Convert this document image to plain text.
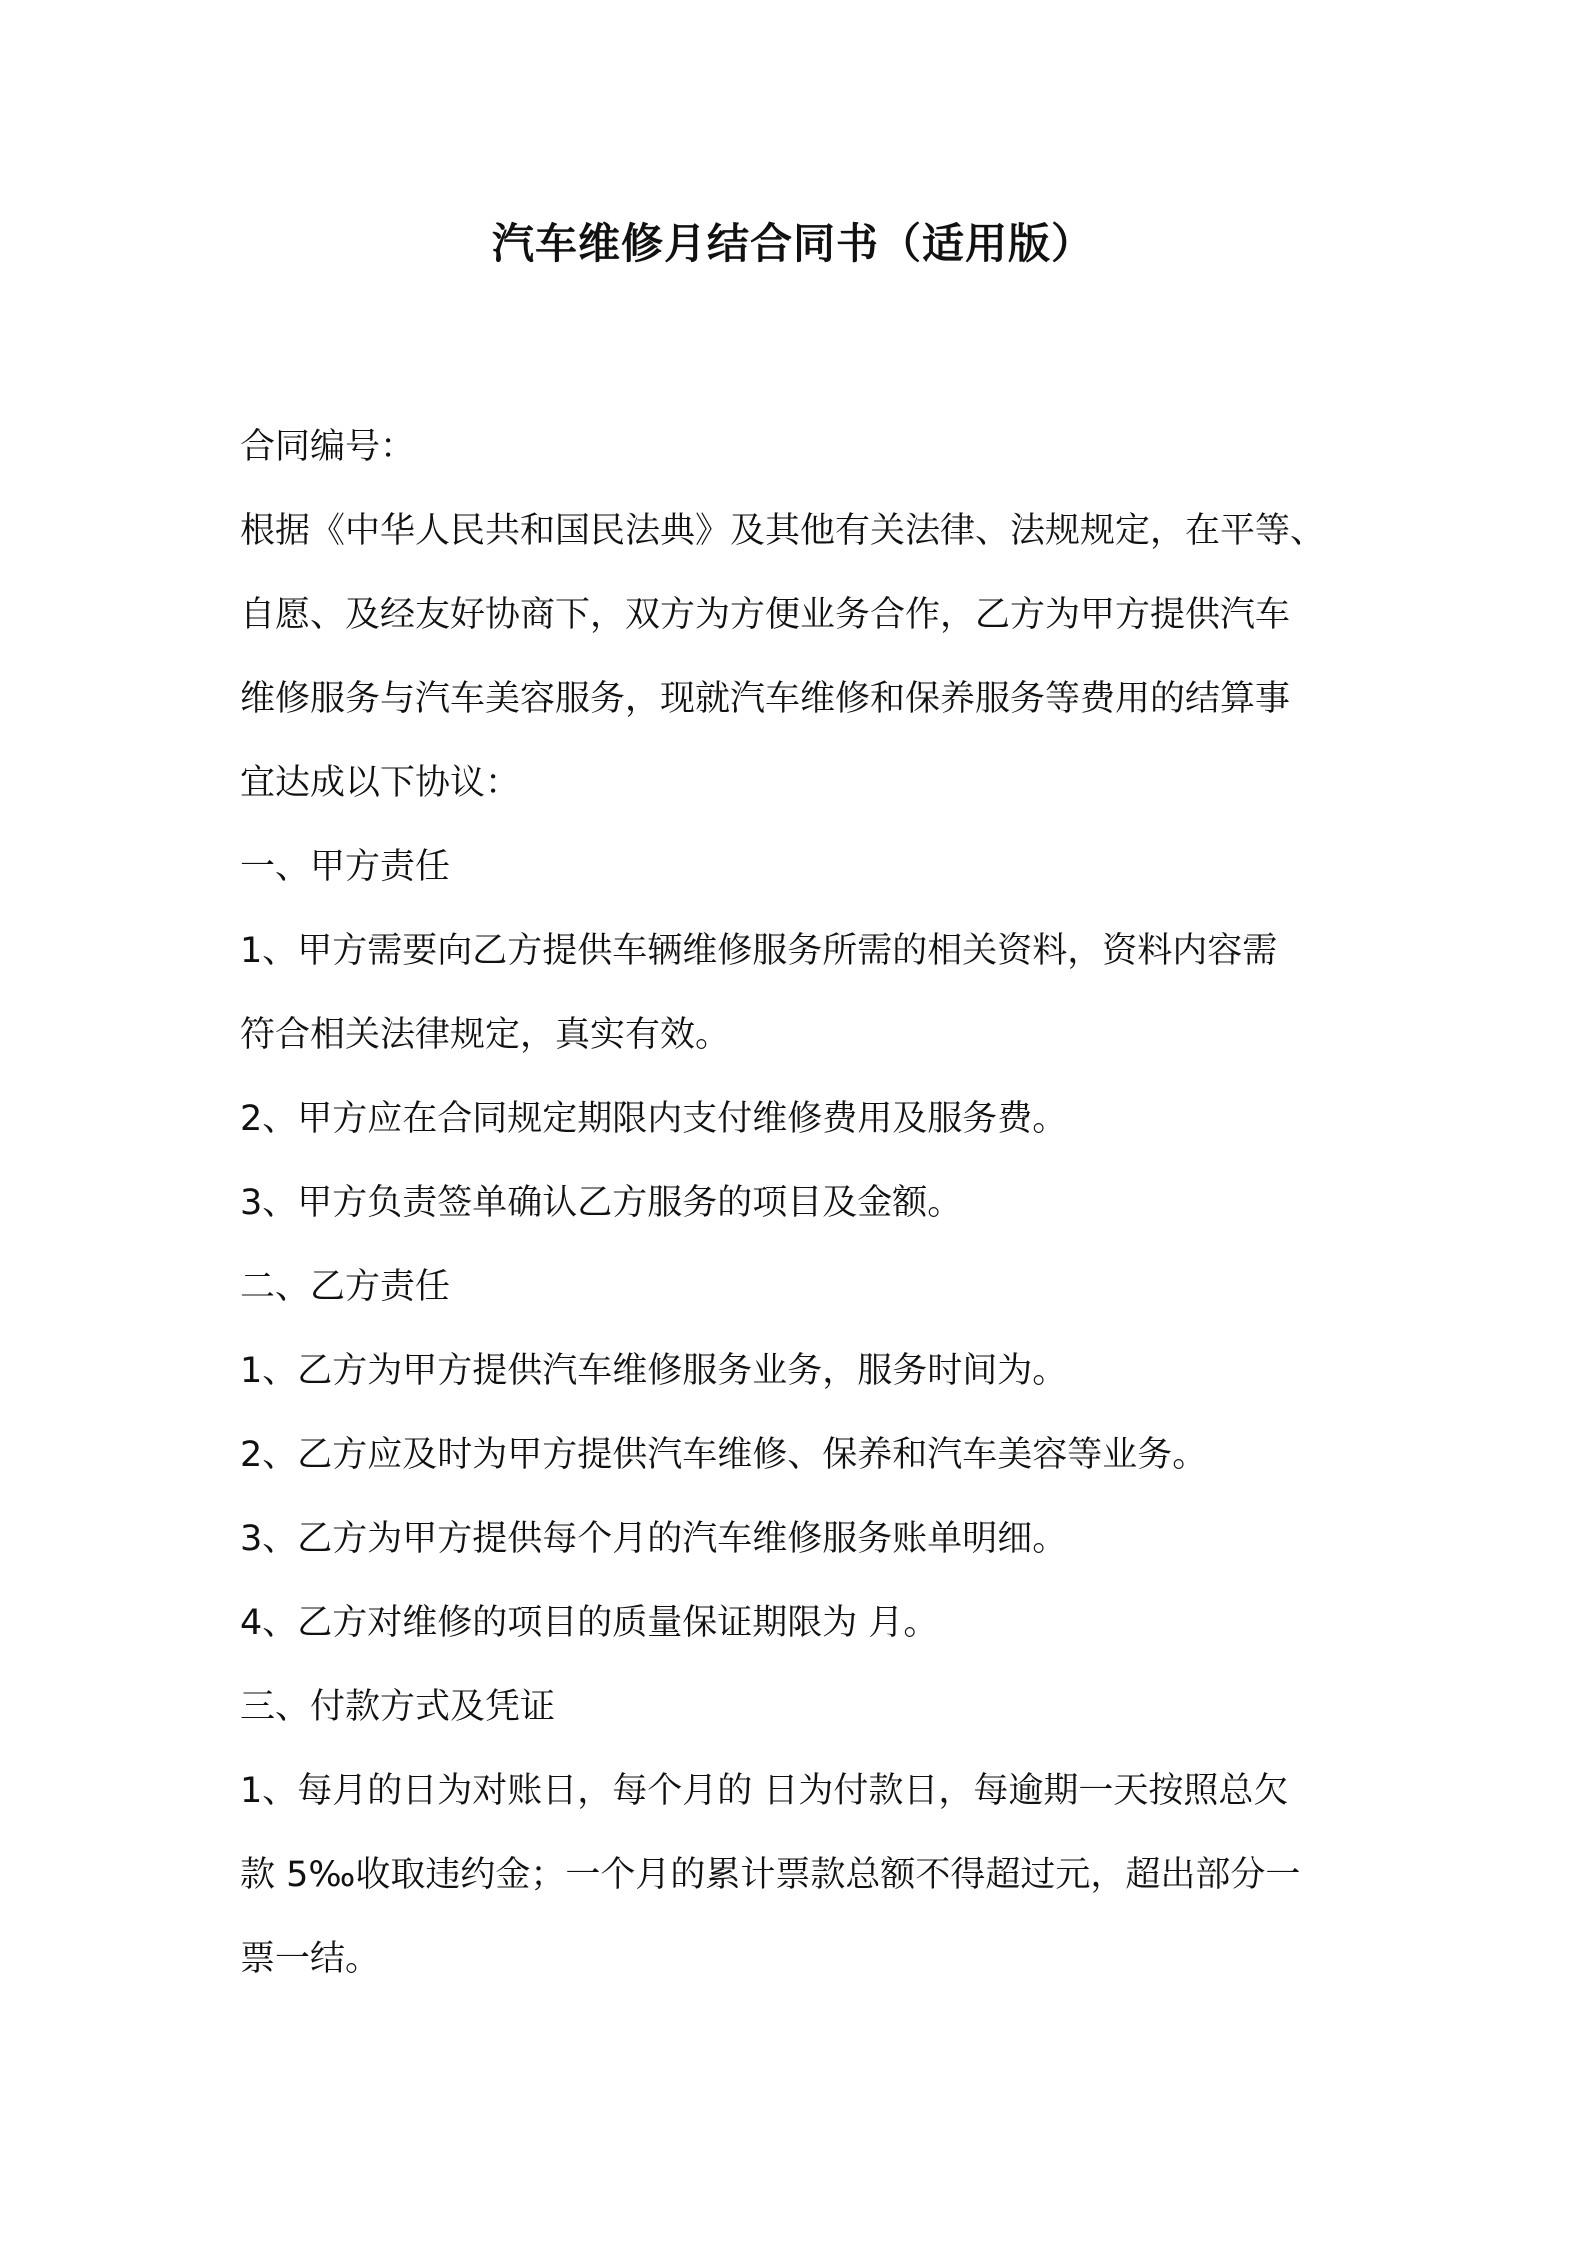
汽车维修月结合同书（适用版）
合同编号：
根据《中华人民共和国民法典》及其他有关法律、法规规定，在平等、
自愿、及经友好协商下，双方为方便业务合作，乙方为甲方提供汽车
维修服务与汽车美容服务，现就汽车维修和保养服务等费用的结算事
宜达成以下协议：
一、甲方责任
1、甲方需要向乙方提供车辆维修服务所需的相关资料，资料内容需
符合相关法律规定，真实有效。
2、甲方应在合同规定期限内支付维修费用及服务费。
3、甲方负责签单确认乙方服务的项目及金额。
二、乙方责任
1、乙方为甲方提供汽车维修服务业务，服务时间为。
2、乙方应及时为甲方提供汽车维修、保养和汽车美容等业务。
3、乙方为甲方提供每个月的汽车维修服务账单明细。
4、乙方对维修的项目的质量保证期限为 月。
三、付款方式及凭证
1、每月的日为对账日，每个月的 日为付款日，每逾期一天按照总欠
款 5‰收取违约金；一个月的累计票款总额不得超过元，超出部分一
票一结。
